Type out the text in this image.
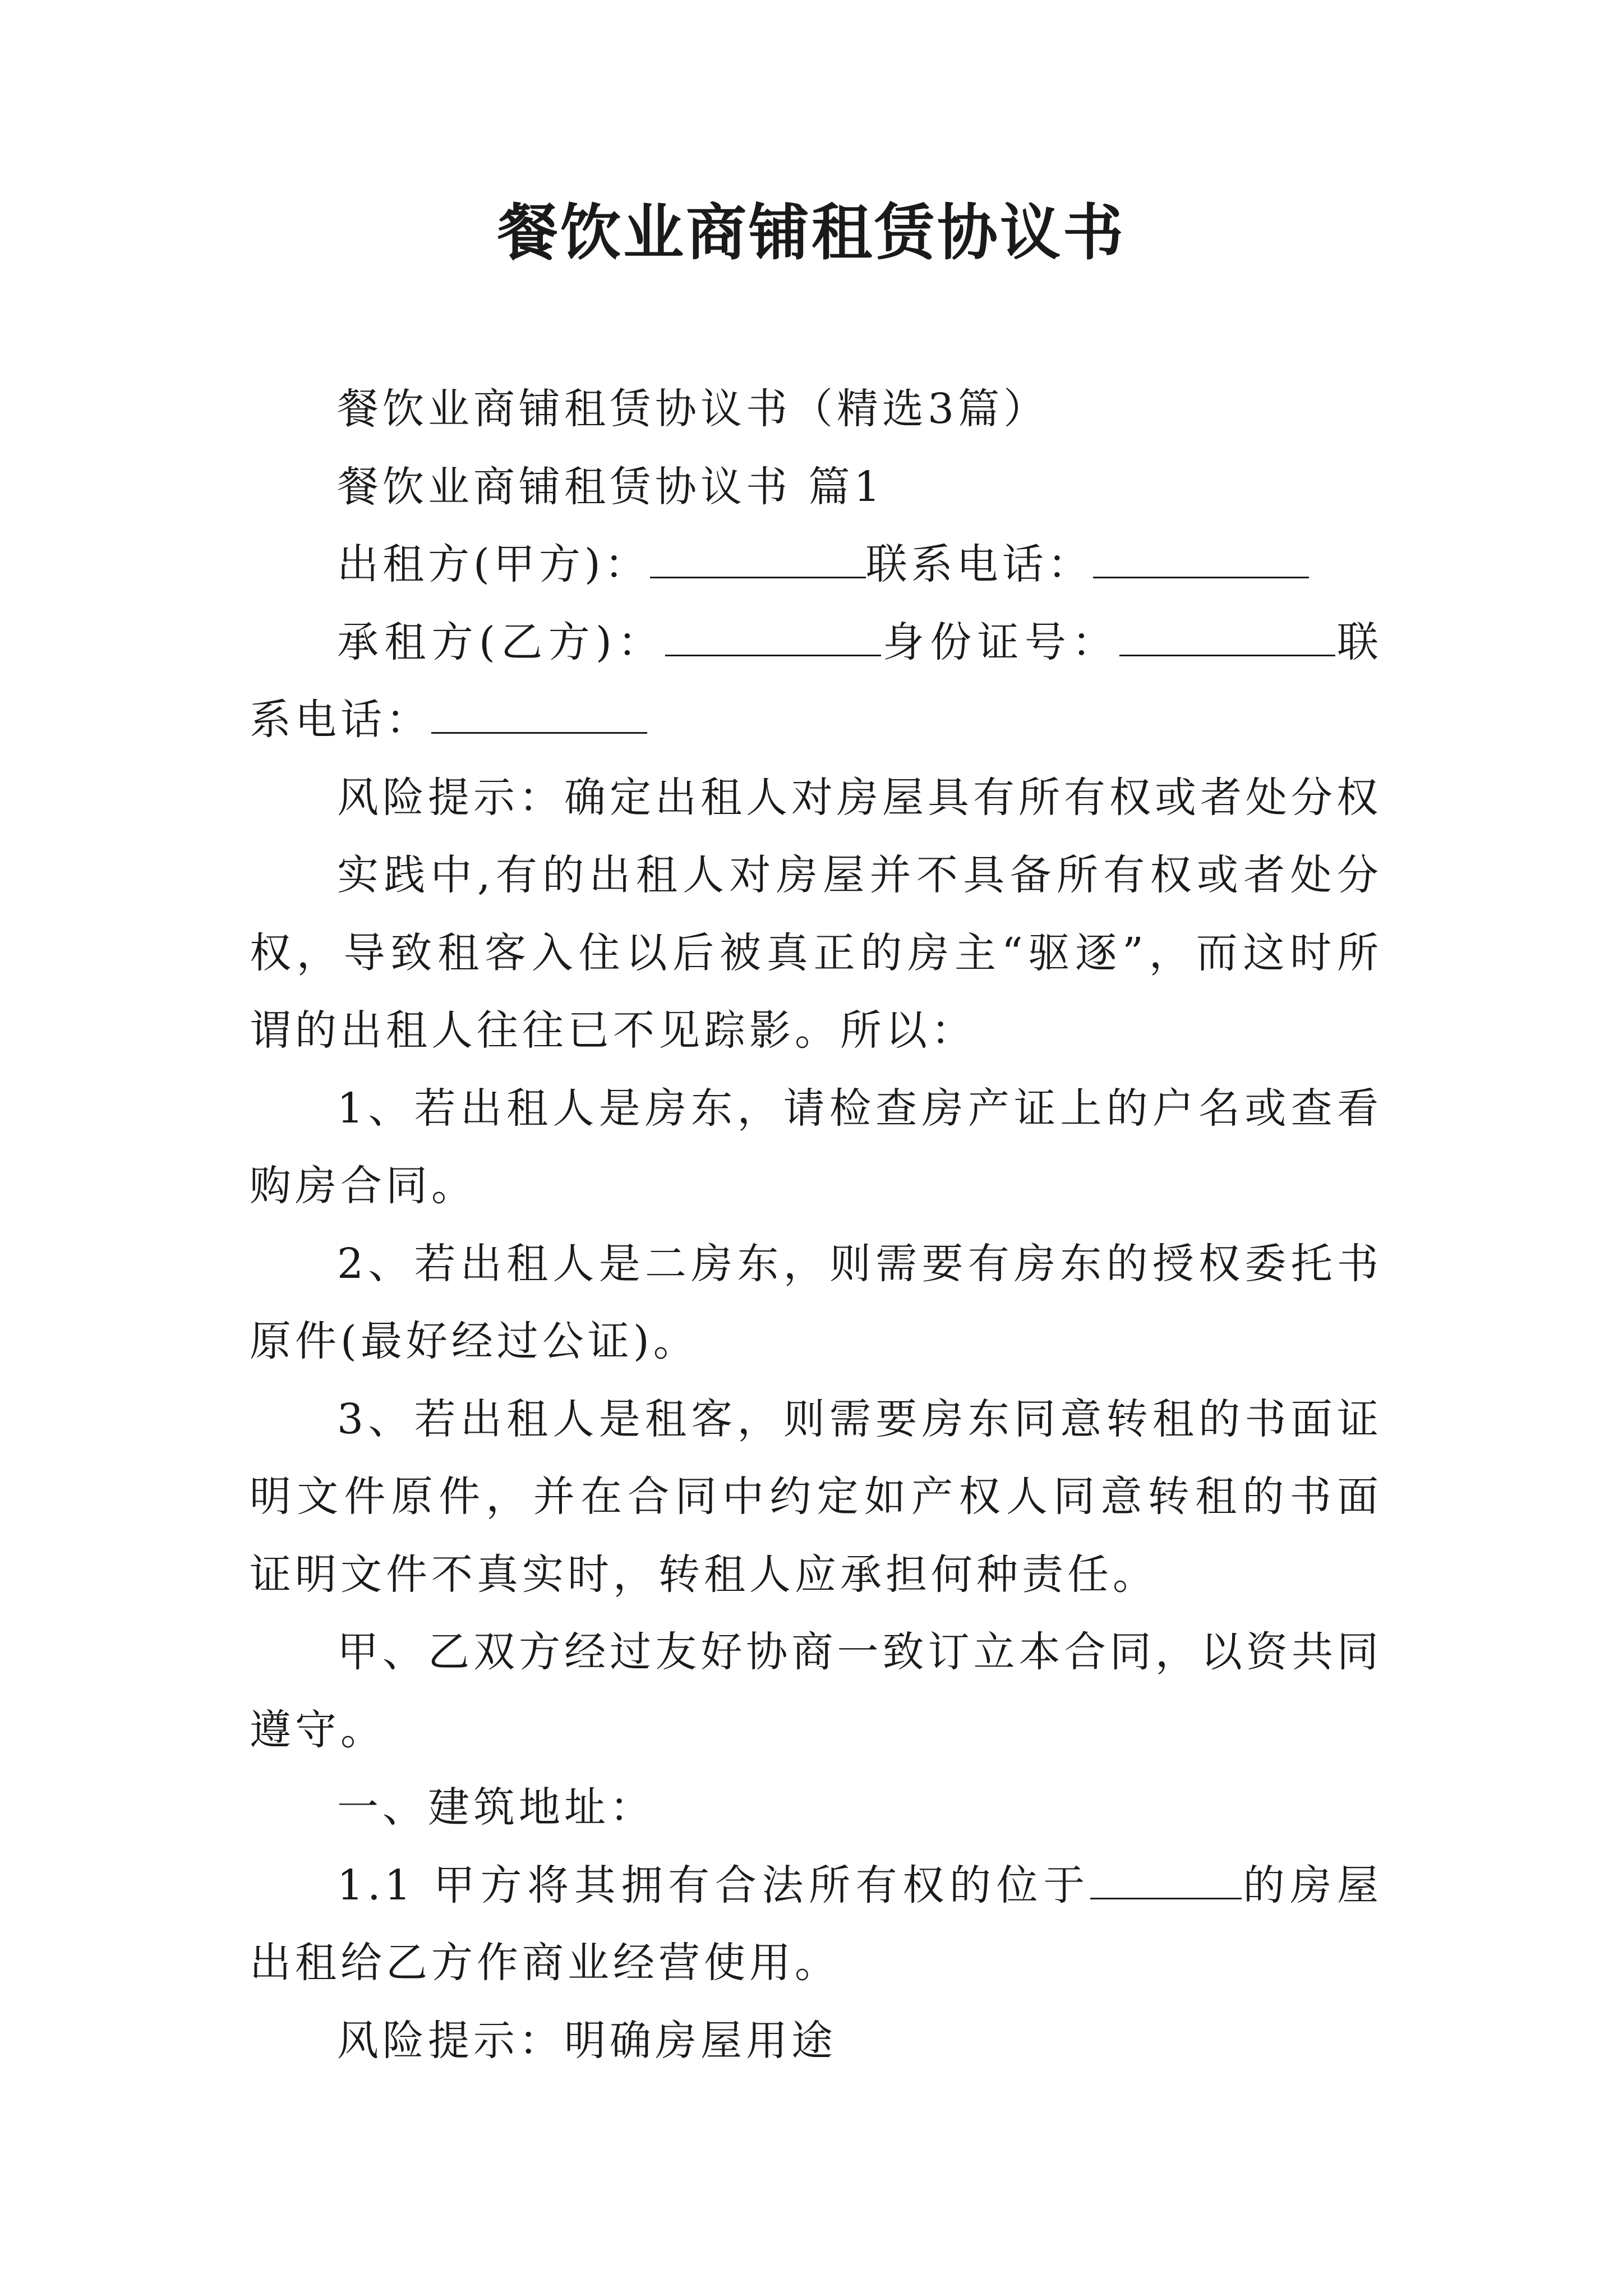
餐饮业商铺租赁协议书

餐饮业商铺租赁协议书（精选3篇）

餐饮业商铺租赁协议书 篇1

出租方(甲方)：	联系电话：

承租方(乙方)：	身份证号：	联系电话：

风险提示：确定出租人对房屋具有所有权或者处分权

实践中,有的出租人对房屋并不具备所有权或者处分权，导致租客入住以后被真正的房主“驱逐”，而这时所谓的出租人往往已不见踪影。所以：

1、若出租人是房东，请检查房产证上的户名或查看购房合同。

2、若出租人是二房东，则需要有房东的授权委托书原件(最好经过公证)。

3、若出租人是租客，则需要房东同意转租的书面证明文件原件，并在合同中约定如产权人同意转租的书面证明文件不真实时，转租人应承担何种责任。

甲、乙双方经过友好协商一致订立本合同，以资共同遵守。

一、建筑地址：

1.1 甲方将其拥有合法所有权的位于	的房屋出租给乙方作商业经营使用。

风险提示：明确房屋用途
